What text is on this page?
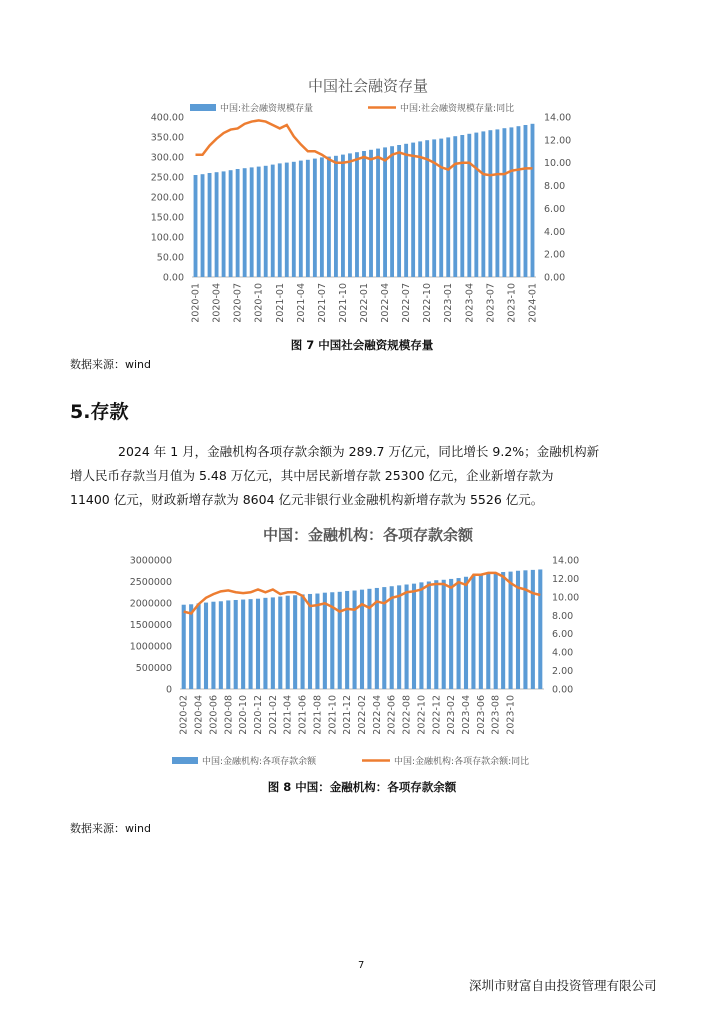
中国社会融资存量
中国:社会融资规模存量	中国:社会融资规模存量:同比
400.00
350.00
300.00
250.00
200.00
150.00
100.00
50.00
0.00
14.00
12.00
10.00
8.00
6.00
4.00
2.00
0.00
2020-01 2020-04 2020-07 2020-10 2021-01 2021-04 2021-07 2021-10 2022-01 2022-04 2022-07 2022-10 2023-01 2023-04 2023-07 2023-10 2024-01
图 7 中国社会融资规模存量
数据来源：wind
5.存款
2024 年 1 月，金融机构各项存款余额为 289.7 万亿元，同比增长 9.2%；金融机构新
增人民币存款当月值为 5.48 万亿元，其中居民新增存款 25300 亿元，企业新增存款为
11400 亿元，财政新增存款为 8604 亿元非银行业金融机构新增存款为 5526 亿元。
中国：金融机构：各项存款余额
3000000
2500000
2000000
1500000
1000000
500000
0
14.00
12.00
10.00
8.00
6.00
4.00
2.00
0.00
2020-02 2020-04 2020-06 2020-08 2020-10 2020-12 2021-02 2021-04 2021-06 2021-08 2021-10 2021-12 2022-02 2022-04 2022-06 2022-08 2022-10 2022-12 2023-02 2023-04 2023-06 2023-08 2023-10
中国:金融机构:各项存款余额	中国:金融机构:各项存款余额:同比
图 8 中国：金融机构：各项存款余额
数据来源：wind
7
深圳市财富自由投资管理有限公司
